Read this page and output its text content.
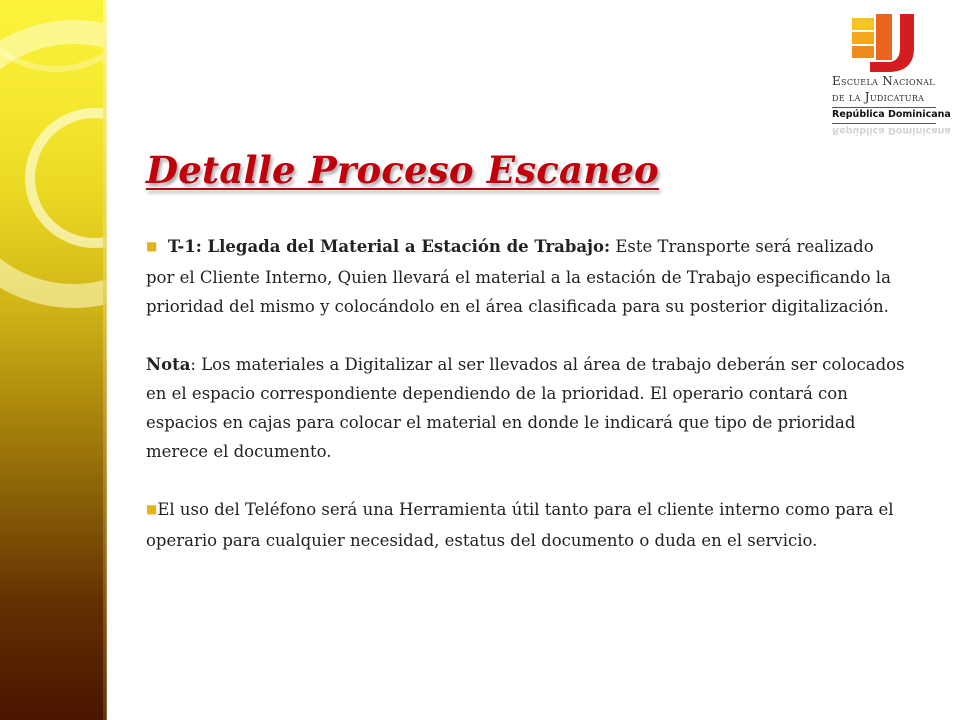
Escuela Nacional
de la Judicatura
República Dominicana
República Dominicana
Detalle Proceso Escaneo

■ T-1: Llegada del Material a Estación de Trabajo: Este Transporte será realizado por el Cliente Interno, Quien llevará el material a la estación de Trabajo especificando la prioridad del mismo y colocándolo en el área clasificada para su posterior digitalización.

Nota: Los materiales a Digitalizar al ser llevados al área de trabajo deberán ser colocados en el espacio correspondiente dependiendo de la prioridad. El operario contará con espacios en cajas para colocar el material en donde le indicará que tipo de prioridad merece el documento.

■El uso del Teléfono será una Herramienta útil tanto para el cliente interno como para el operario para cualquier necesidad, estatus del documento o duda en el servicio.
